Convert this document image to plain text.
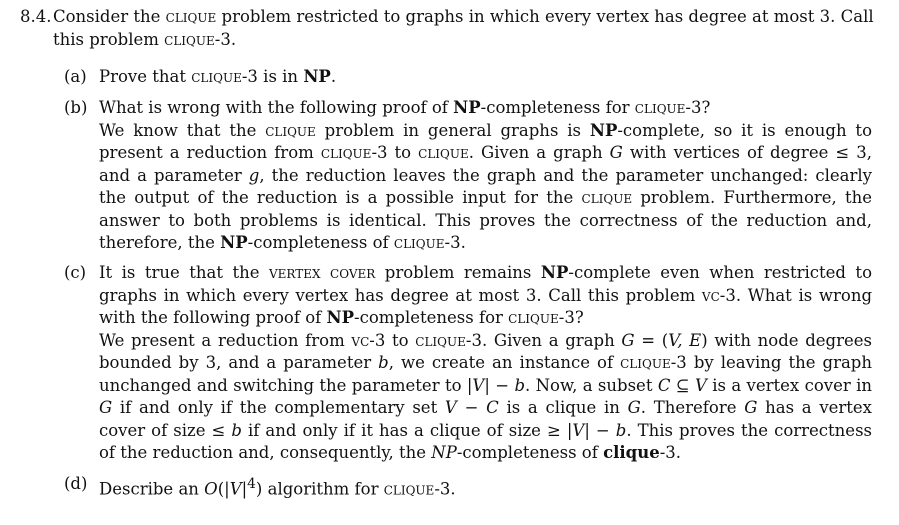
8.4. Consider the clique problem restricted to graphs in which every vertex has degree at most 3. Call this problem clique-3.
(a) Prove that clique-3 is in NP.
(b) What is wrong with the following proof of NP-completeness for clique-3?
We know that the clique problem in general graphs is NP-complete, so it is enough to present a reduction from clique-3 to clique. Given a graph G with vertices of degree ≤ 3, and a parameter g, the reduction leaves the graph and the parameter unchanged: clearly the output of the reduction is a possible input for the clique problem. Furthermore, the answer to both problems is identical. This proves the correctness of the reduction and, therefore, the NP-completeness of clique-3.
(c) It is true that the vertex cover problem remains NP-complete even when restricted to graphs in which every vertex has degree at most 3. Call this problem vc-3. What is wrong with the following proof of NP-completeness for clique-3?
We present a reduction from vc-3 to clique-3. Given a graph G = (V, E) with node degrees bounded by 3, and a parameter b, we create an instance of clique-3 by leaving the graph unchanged and switching the parameter to |V| − b. Now, a subset C ⊆ V is a vertex cover in G if and only if the complementary set V − C is a clique in G. Therefore G has a vertex cover of size ≤ b if and only if it has a clique of size ≥ |V| − b. This proves the correctness of the reduction and, consequently, the NP-completeness of clique-3.
(d) Describe an $O(|V|^4)$ algorithm for clique-3.
